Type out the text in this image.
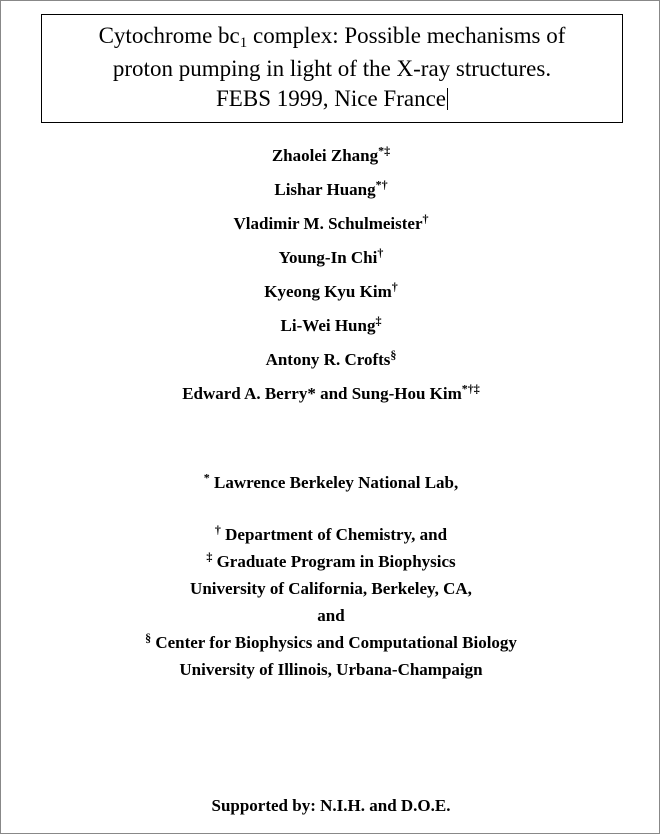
Cytochrome $bc_1$ complex: Possible mechanisms of
proton pumping in light of the X-ray structures.
FEBS 1999, Nice France
Zhaolei Zhang*‡
Lishar Huang*†
Vladimir M. Schulmeister†
Young-In Chi†
Kyeong Kyu Kim†
Li-Wei Hung‡
Antony R. Crofts§
Edward A. Berry* and Sung-Hou Kim*†‡
* Lawrence Berkeley National Lab,
† Department of Chemistry, and
‡ Graduate Program in Biophysics
University of California, Berkeley, CA,
and
§ Center for Biophysics and Computational Biology
University of Illinois, Urbana-Champaign
Supported by: N.I.H. and D.O.E.
